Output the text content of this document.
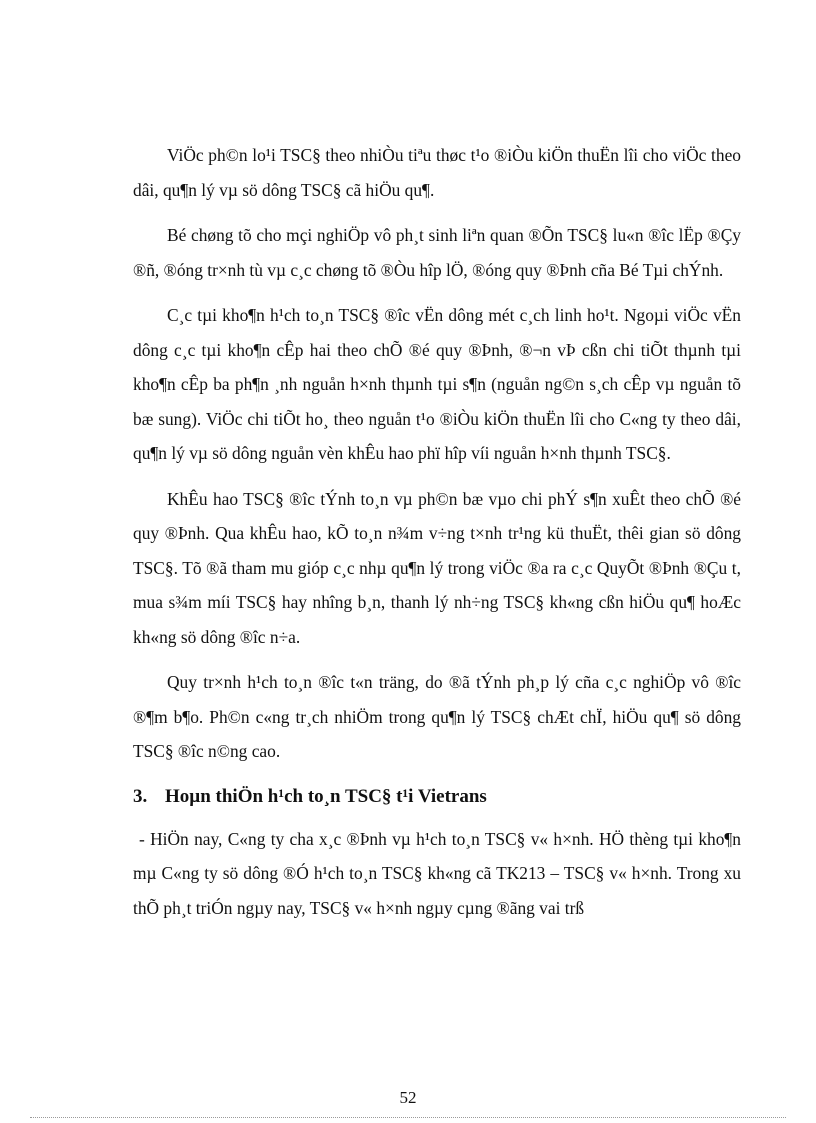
ViÖc ph©n lo¹i TSC§ theo nhiÒu tiªu thøc t¹o ®iÒu kiÖn thuËn lîi cho viÖc theo dâi, qu¶n lý vµ sö dông TSC§ cã hiÖu qu¶.

Bé chøng tõ cho mçi nghiÖp vô ph¸t sinh liªn quan ®Õn TSC§ lu«n ®îc lËp ®Çy ®ñ, ®óng tr×nh tù vµ c¸c chøng tõ ®Òu hîp lÖ, ®óng quy ®Þnh cña Bé Tµi chÝnh.

C¸c tµi kho¶n h¹ch to¸n TSC§ ®îc vËn dông mét c¸ch linh ho¹t. Ngoµi viÖc vËn dông c¸c tµi kho¶n cÊp hai theo chÕ ®é quy ®Þnh, ®¬n vÞ cßn chi tiÕt thµnh tµi kho¶n cÊp ba ph¶n ¸nh nguån h×nh thµnh tµi s¶n (nguån ng©n s¸ch cÊp vµ nguån tõ bæ sung). ViÖc chi tiÕt ho¸ theo nguån t¹o ®iÒu kiÖn thuËn lîi cho C«ng ty theo dâi, qu¶n lý vµ sö dông nguån vèn khÊu hao phï hîp víi nguån h×nh thµnh TSC§.

KhÊu hao TSC§ ®îc tÝnh to¸n vµ ph©n bæ vµo chi phÝ s¶n xuÊt theo chÕ ®é quy ®Þnh. Qua khÊu hao, kÕ to¸n n¾m v÷ng t×nh tr¹ng kü thuËt, thêi gian sö dông TSC§. Tõ ®ã tham mu gióp c¸c nhµ qu¶n lý trong viÖc ®a ra c¸c QuyÕt ®Þnh ®Çu t, mua s¾m míi TSC§ hay nhîng b¸n, thanh lý nh÷ng TSC§ kh«ng cßn hiÖu qu¶ hoÆc kh«ng sö dông ®îc n÷a.

Quy tr×nh h¹ch to¸n ®îc t«n träng, do ®ã tÝnh ph¸p lý cña c¸c nghiÖp vô ®îc ®¶m b¶o. Ph©n c«ng tr¸ch nhiÖm trong qu¶n lý TSC§ chÆt chÏ, hiÖu qu¶ sö dông TSC§ ®îc n©ng cao.

3. Hoµn thiÖn h¹ch to¸n TSC§ t¹i Vietrans

- HiÖn nay, C«ng ty cha x¸c ®Þnh vµ h¹ch to¸n TSC§ v« h×nh. HÖ thèng tµi kho¶n mµ C«ng ty sö dông ®Ó h¹ch to¸n TSC§ kh«ng cã TK213 – TSC§ v« h×nh. Trong xu thÕ ph¸t triÓn ngµy nay, TSC§ v« h×nh ngµy cµng ®ãng vai trß

52
